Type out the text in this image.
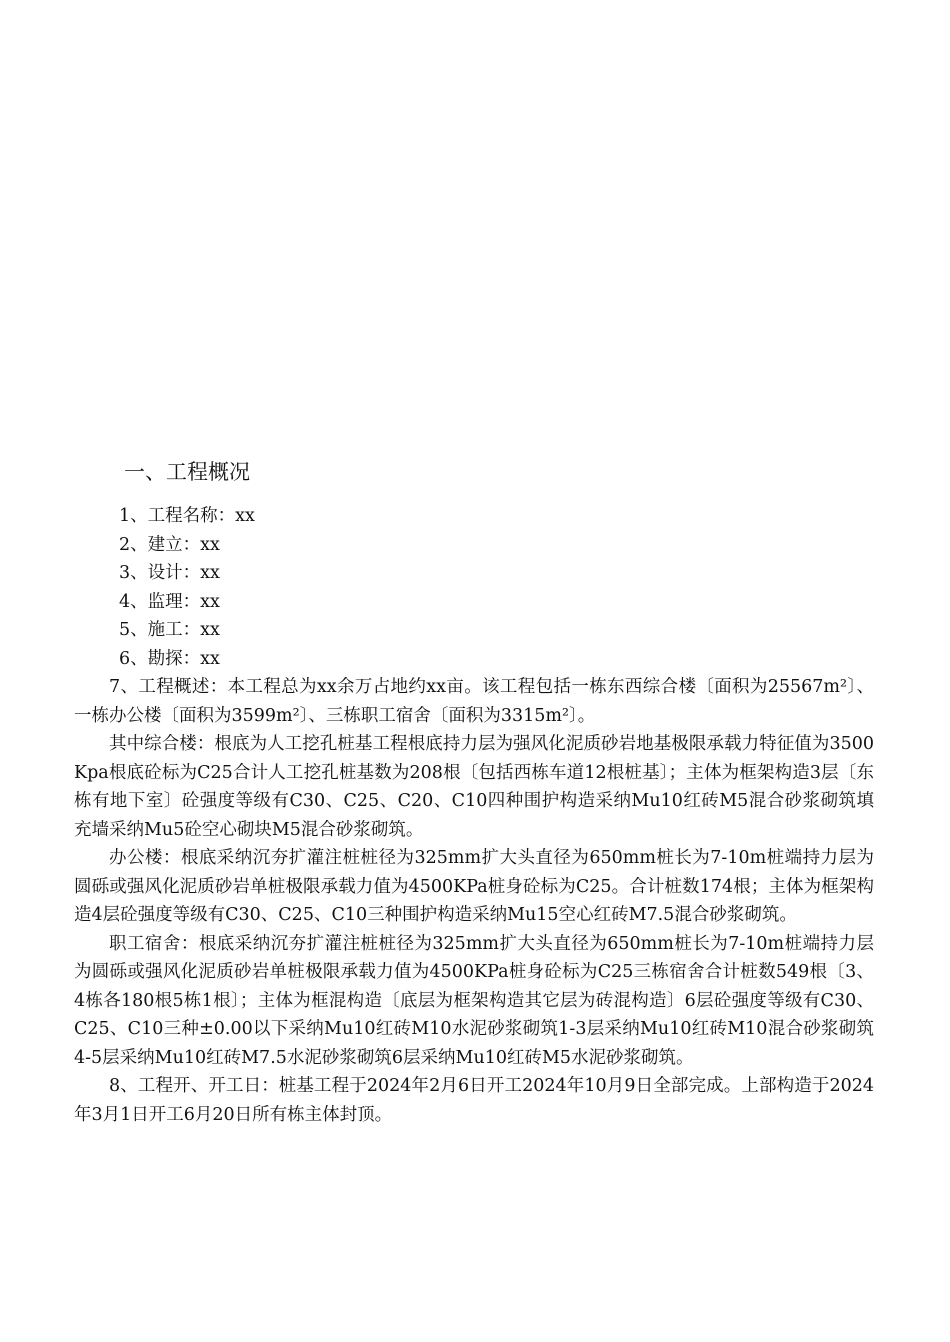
一、工程概况
1、工程名称：xx
2、建立：xx
3、设计：xx
4、监理：xx
5、施工：xx
6、勘探：xx

7、工程概述：本工程总为xx余万占地约xx亩。该工程包括一栋东西综合楼〔面积为25567m²〕、一栋办公楼〔面积为3599m²〕、三栋职工宿舍〔面积为3315m²〕。

其中综合楼：根底为人工挖孔桩基工程根底持力层为强风化泥质砂岩地基极限承载力特征值为3500Kpa根底砼标为C25合计人工挖孔桩基数为208根〔包括西栋车道12根桩基〕；主体为框架构造3层〔东栋有地下室〕砼强度等级有C30、C25、C20、C10四种围护构造采纳Mu10红砖M5混合砂浆砌筑填充墙采纳Mu5砼空心砌块M5混合砂浆砌筑。

办公楼：根底采纳沉夯扩灌注桩桩径为325mm扩大头直径为650mm桩长为7-10m桩端持力层为圆砾或强风化泥质砂岩单桩极限承载力值为4500KPa桩身砼标为C25。合计桩数174根；主体为框架构造4层砼强度等级有C30、C25、C10三种围护构造采纳Mu15空心红砖M7.5混合砂浆砌筑。

职工宿舍：根底采纳沉夯扩灌注桩桩径为325mm扩大头直径为650mm桩长为7-10m桩端持力层为圆砾或强风化泥质砂岩单桩极限承载力值为4500KPa桩身砼标为C25三栋宿舍合计桩数549根〔3、4栋各180根5栋1根〕；主体为框混构造〔底层为框架构造其它层为砖混构造〕6层砼强度等级有C30、C25、C10三种±0.00以下采纳Mu10红砖M10水泥砂浆砌筑1-3层采纳Mu10红砖M10混合砂浆砌筑4-5层采纳Mu10红砖M7.5水泥砂浆砌筑6层采纳Mu10红砖M5水泥砂浆砌筑。

8、工程开、开工日：桩基工程于2024年2月6日开工2024年10月9日全部完成。上部构造于2024年3月1日开工6月20日所有栋主体封顶。
